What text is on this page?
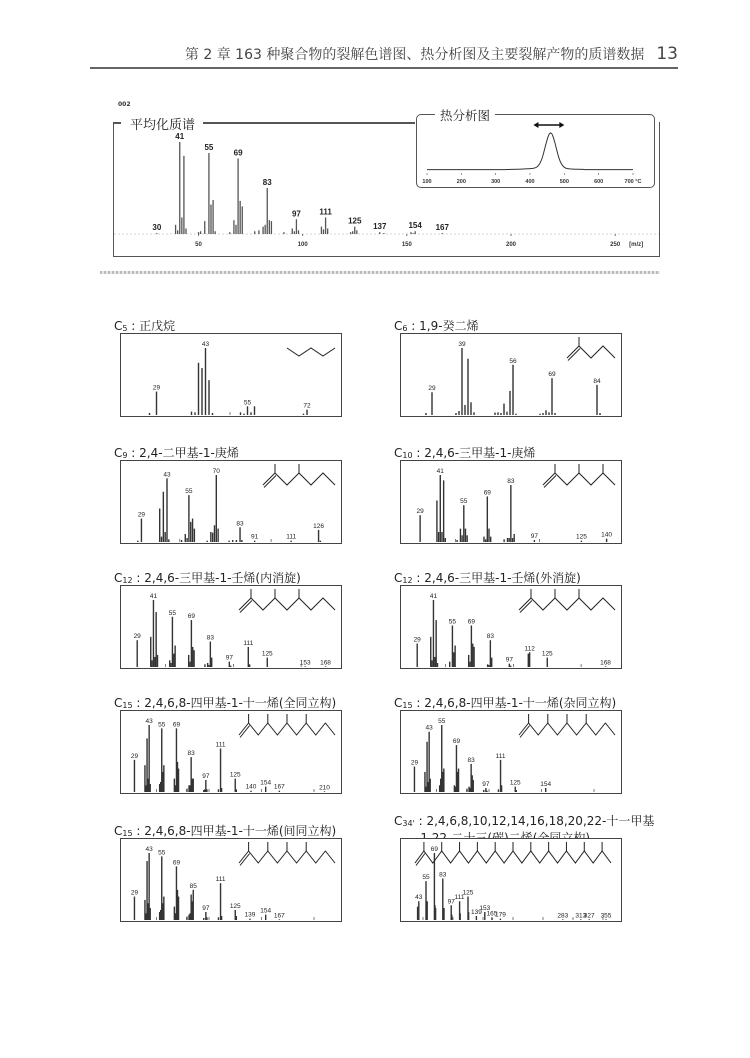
第 2 章 163 种聚合物的裂解色谱图、热分析图及主要裂解产物的质谱数据 13
002
30
41
55
69
83
97 111
125
137	154 167
50	100	150	200	250 [m/z]
平均化质谱
100	200	300	400	500	600	700 °C
热分析图
$C_5$ : 正戊烷
29
43
55	72
$C_6$ : 1,9-癸二烯
29
39
56
69
84
$C_9$ : 2,4-二甲基-1-庚烯
29
43
55
70
83
91	111
126
$C_{10}$ : 2,4,6-三甲基-1-庚烯
29
41
55
69
83
97	125 140
$C_{12}$ : 2,4,6-三甲基-1-壬烯(内消旋)
29
41
55 69
83
97
111
125
153 168
$C_{12}$ : 2,4,6-三甲基-1-壬烯(外消旋)
29
41
55 69
83
97
112
125
168
$C_{15}$ : 2,4,6,8-四甲基-1-十一烯(全同立构)
29
43 55 69
83
97
111
125
140
154
167	210
$C_{15}$ : 2,4,6,8-四甲基-1-十一烯(杂同立构)
29
43
55
69
83
97
111
125	154
$C_{15}$ : 2,4,6,8-四甲基-1-十一烯(间同立构)
29
43 55
69
85
97
111
125
139
154
167
$C_{34'}$ : 2,4,6,8,10,12,14,16,18,20,22-十一甲基
43
55
69
83
97
111
125
139
153
165
179	283 313
327 355
